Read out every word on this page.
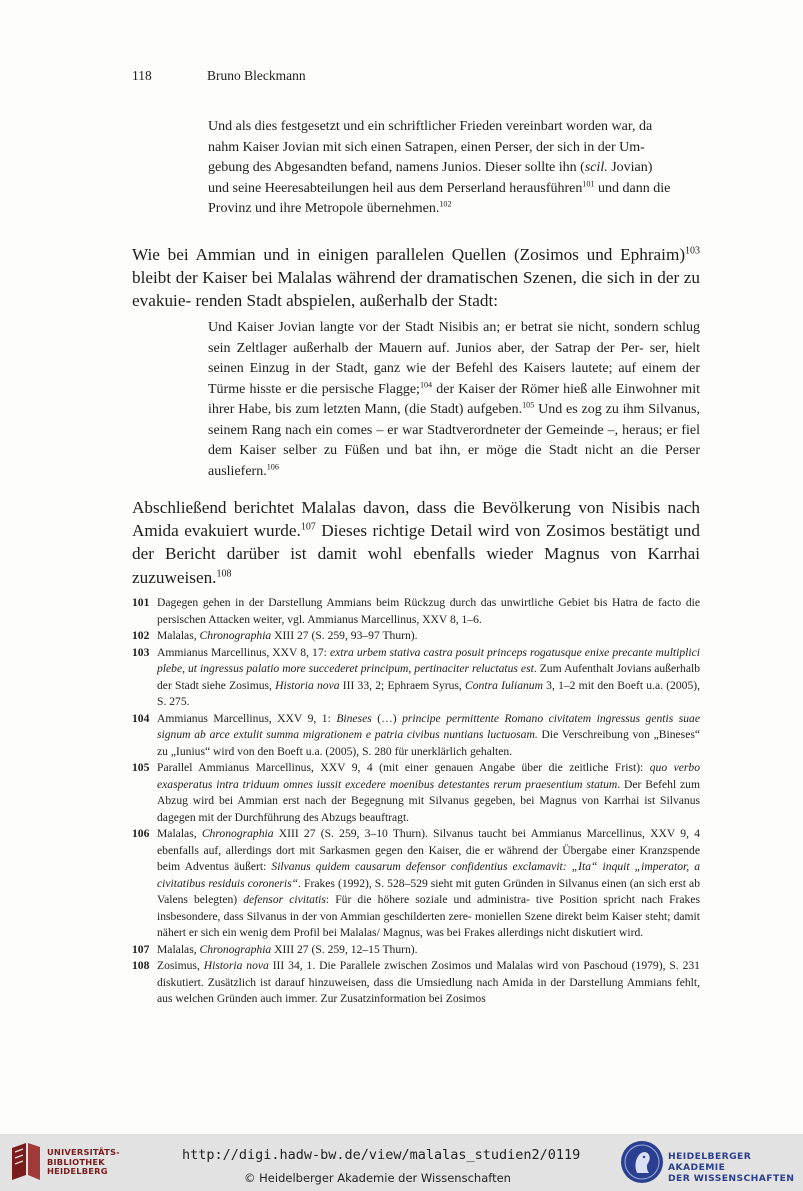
118	Bruno Bleckmann
Und als dies festgesetzt und ein schriftlicher Frieden vereinbart worden war, da
nahm Kaiser Jovian mit sich einen Satrapen, einen Perser, der sich in der Um-
gebung des Abgesandten befand, namens Junios. Dieser sollte ihn (scil. Jovian)
und seine Heeresabteilungen heil aus dem Perserland herausführen$^{101}$ und dann die
Provinz und ihre Metropole übernehmen.$^{102}$
Wie bei Ammian und in einigen parallelen Quellen (Zosimos und Ephraim)$^{103}$ bleibt der Kaiser bei Malalas während der dramatischen Szenen, die sich in der zu evakuie- renden Stadt abspielen, außerhalb der Stadt:
Und Kaiser Jovian langte vor der Stadt Nisibis an; er betrat sie nicht, sondern schlug sein Zeltlager außerhalb der Mauern auf. Junios aber, der Satrap der Per- ser, hielt seinen Einzug in der Stadt, ganz wie der Befehl des Kaisers lautete; auf einem der Türme hisste er die persische Flagge;$^{104}$ der Kaiser der Römer hieß alle Einwohner mit ihrer Habe, bis zum letzten Mann, (die Stadt) aufgeben.$^{105}$ Und es zog zu ihm Silvanus, seinem Rang nach ein comes – er war Stadtverordneter der Gemeinde –, heraus; er fiel dem Kaiser selber zu Füßen und bat ihn, er möge die Stadt nicht an die Perser ausliefern.$^{106}$
Abschließend berichtet Malalas davon, dass die Bevölkerung von Nisibis nach Amida evakuiert wurde.$^{107}$ Dieses richtige Detail wird von Zosimos bestätigt und der Bericht darüber ist damit wohl ebenfalls wieder Magnus von Karrhai zuzuweisen.$^{108}$
101 Dagegen gehen in der Darstellung Ammians beim Rückzug durch das unwirtliche Gebiet bis Hatra de facto die persischen Attacken weiter, vgl. Ammianus Marcellinus, XXV 8, 1–6.
102 Malalas, Chronographia XIII 27 (S. 259, 93–97 Thurn).
103 Ammianus Marcellinus, XXV 8, 17: extra urbem stativa castra posuit princeps rogatusque enixe precante multiplici plebe, ut ingressus palatio more succederet principum, pertinaciter reluctatus est. Zum Aufenthalt Jovians außerhalb der Stadt siehe Zosimus, Historia nova III 33, 2; Ephraem Syrus, Contra Iulianum 3, 1–2 mit den Boeft u.a. (2005), S. 275.
104 Ammianus Marcellinus, XXV 9, 1: Bineses (…) principe permittente Romano civitatem ingressus gentis suae signum ab arce extulit summa migrationem e patria civibus nuntians luctuosam. Die Verschreibung von „Bineses“ zu „Iunius“ wird von den Boeft u.a. (2005), S. 280 für unerklärlich gehalten.
105 Parallel Ammianus Marcellinus, XXV 9, 4 (mit einer genauen Angabe über die zeitliche Frist): quo verbo exasperatus intra triduum omnes iussit excedere moenibus detestantes rerum praesentium statum. Der Befehl zum Abzug wird bei Ammian erst nach der Begegnung mit Silvanus gegeben, bei Magnus von Karrhai ist Silvanus dagegen mit der Durchführung des Abzugs beauftragt.
106 Malalas, Chronographia XIII 27 (S. 259, 3–10 Thurn). Silvanus taucht bei Ammianus Marcellinus, XXV 9, 4 ebenfalls auf, allerdings dort mit Sarkasmen gegen den Kaiser, die er während der Übergabe einer Kranzspende beim Adventus äußert: Silvanus quidem causarum defensor confidentius exclamavit: „Ita“ inquit „imperator, a civitatibus residuis coroneris“. Frakes (1992), S. 528–529 sieht mit guten Gründen in Silvanus einen (an sich erst ab Valens belegten) defensor civitatis: Für die höhere soziale und administra- tive Position spricht nach Frakes insbesondere, dass Silvanus in der von Ammian geschilderten zere- moniellen Szene direkt beim Kaiser steht; damit nähert er sich ein wenig dem Profil bei Malalas/ Magnus, was bei Frakes allerdings nicht diskutiert wird.
107 Malalas, Chronographia XIII 27 (S. 259, 12–15 Thurn).
108 Zosimus, Historia nova III 34, 1. Die Parallele zwischen Zosimos und Malalas wird von Paschoud (1979), S. 231 diskutiert. Zusätzlich ist darauf hinzuweisen, dass die Umsiedlung nach Amida in der Darstellung Ammians fehlt, aus welchen Gründen auch immer. Zur Zusatzinformation bei Zosimos
UNIVERSITÄTS-
BIBLIOTHEK
HEIDELBERG
http://digi.hadw-bw.de/view/malalas_studien2/0119
© Heidelberger Akademie der Wissenschaften
HEIDELBERGER AKADEMIE
DER WISSENSCHAFTEN
